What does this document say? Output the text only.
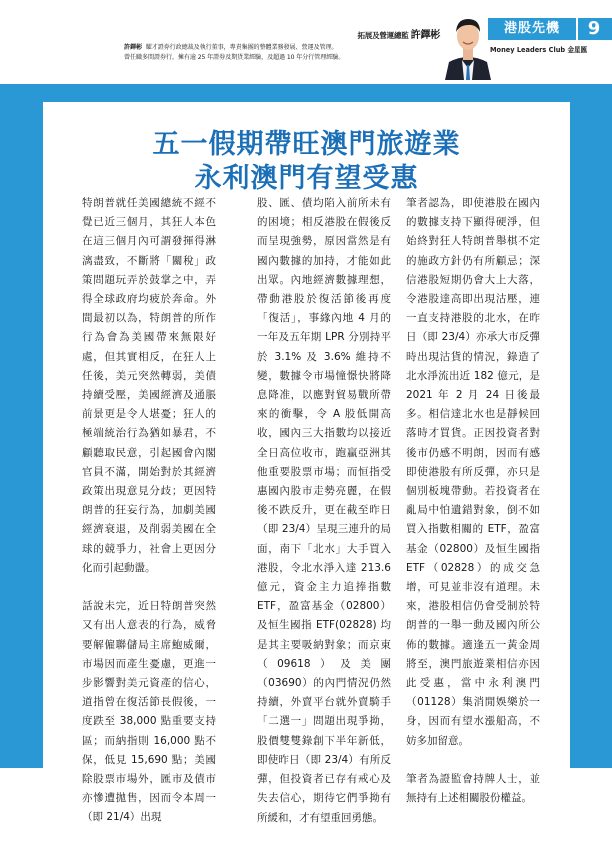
拓展及營運總監 許鐸彬

許鐸彬 耀才證券行政總裁及執行董事，專責集團的整體業務發展、營運及管理。

曾任職多間證券行，擁有逾 25 年證券及期貨業經驗，及超過 10 年分行管理經驗。

港股先機	9
Money Leaders Club 金星匯
五一假期帶旺澳門旅遊業
永利澳門有望受惠

特朗普就任美國總統不經不覺已近三個月，其狂人本色在這三個月內可謂發揮得淋漓盡致，不斷將「關稅」政策問題玩弄於鼓掌之中，弄得全球政府均疲於奔命。外間最初以為，特朗普的所作行為會為美國帶來無限好處，但其實相反，在狂人上任後，美元突然轉弱，美債持續受壓，美國經濟及通脹前景更是令人堪憂；狂人的極端統治行為猶如暴君，不顧聽取民意，引起國會內閣官員不滿，開始對於其經濟政策出現意見分歧；更因特朗普的狂妄行為，加劇美國經濟衰退，及削弱美國在全球的競爭力，社會上更因分化而引起動盪。

話說未完，近日特朗普突然又有出人意表的行為，威脅要解僱聯儲局主席鮑威爾，市場因而產生憂慮，更進一步影響對美元資產的信心，道指曾在復活節長假後，一度跌至 38,000 點重要支持區；而納指則 16,000 點不保，低見 15,690 點；美國除股票市場外，匯市及債市亦慘遭拋售，因而令本周一（即 21/4）出現

股、匯、債均陷入前所未有的困境；相反港股在假後反而呈現強勢，原因當然是有國內數據的加持，才能如此出眾。內地經濟數據理想，帶動港股於復活節後再度「復活」，事緣內地 4 月的一年及五年期 LPR 分別持平於 3.1% 及 3.6% 維持不變，數據令市場憧憬快將降息降准，以應對貿易戰所帶來的衝擊，令 A 股低開高收，國內三大指數均以接近全日高位收市，跑贏亞洲其他重要股票市場；而恒指受惠國內股市走勢亮麗，在假後不跌反升，更在截至昨日（即 23/4）呈現三連升的局面，南下「北水」大手買入港股，令北水淨入達 213.6 億元，資金主力追捧指數 ETF，盈富基金（02800）及恒生國指 ETF(02828) 均是其主要吸納對象；而京東（09618）及美團（03690）的內門情況仍然持續，外賣平台就外賣騎手「二選一」問題出現爭拗，股價雙雙錄創下半年新低，即使昨日（即 23/4）有所反彈，但投資者已存有戒心及失去信心，期待它們爭拗有所緩和，才有望重回勇態。

筆者認為，即使港股在國內的數據支持下顯得硬淨，但始終對狂人特朗普舉棋不定的施政方針仍有所顧忌；深信港股短期仍會大上大落，令港股達高即出現沽壓，連一直支持港股的北水，在昨日（即 23/4）亦承大市反彈時出現沽貨的情況，錄造了北水淨流出近 182 億元，是 2021 年 2 月 24 日後最多。相信達北水也是靜候回落時才買貨。正因投資者對後市仍感不明朗，因而有感即使港股有所反彈，亦只是個別板塊帶動。若投資者在亂局中怕遺錯對象，倒不如買入指數相關的 ETF，盈富基金（02800）及恒生國指 ETF（02828）的成交急增，可見並非沒有道理。未來，港股相信仍會受制於特朗普的一舉一動及國內所公佈的數據。適逢五一黃金周將至，澳門旅遊業相信亦因此受惠，當中永利澳門（01128）集消閒娛樂於一身，因而有望水漲船高，不妨多加留意。

筆者為證監會持牌人士，並無持有上述相關股份權益。
